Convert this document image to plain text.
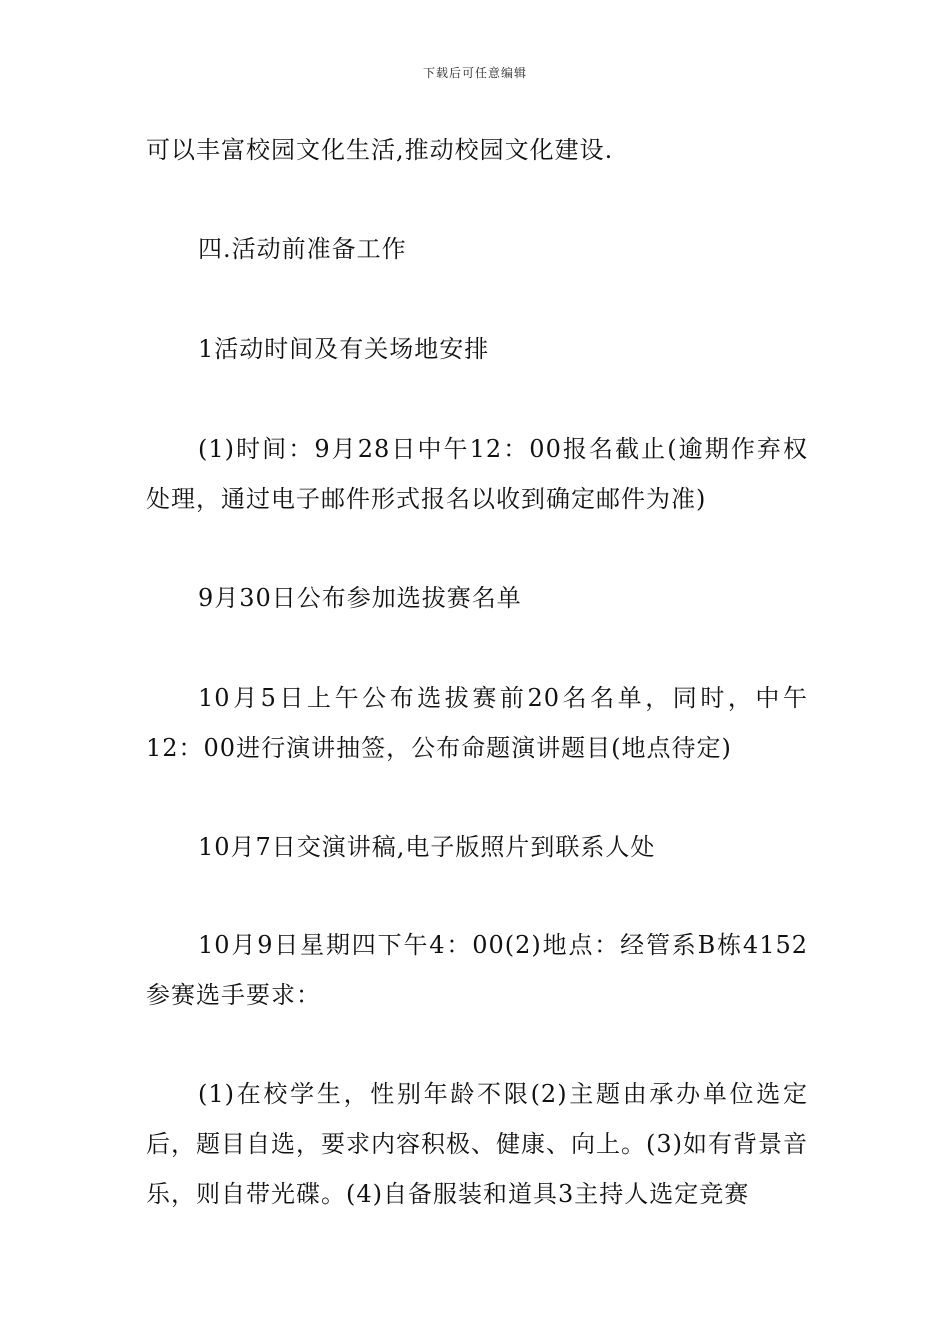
下载后可任意编辑

可以丰富校园文化生活,推动校园文化建设.

四.活动前准备工作

1活动时间及有关场地安排

(1)时间：9月28日中午12：00报名截止(逾期作弃权处理，通过电子邮件形式报名以收到确定邮件为准)

9月30日公布参加选拔赛名单

10月5日上午公布选拔赛前20名名单，同时，中午12：00进行演讲抽签，公布命题演讲题目(地点待定)

10月7日交演讲稿,电子版照片到联系人处

10月9日星期四下午4：00(2)地点：经管系B栋4152参赛选手要求：

(1)在校学生，性别年龄不限(2)主题由承办单位选定后，题目自选，要求内容积极、健康、向上。(3)如有背景音乐，则自带光碟。(4)自备服装和道具3主持人选定竞赛
